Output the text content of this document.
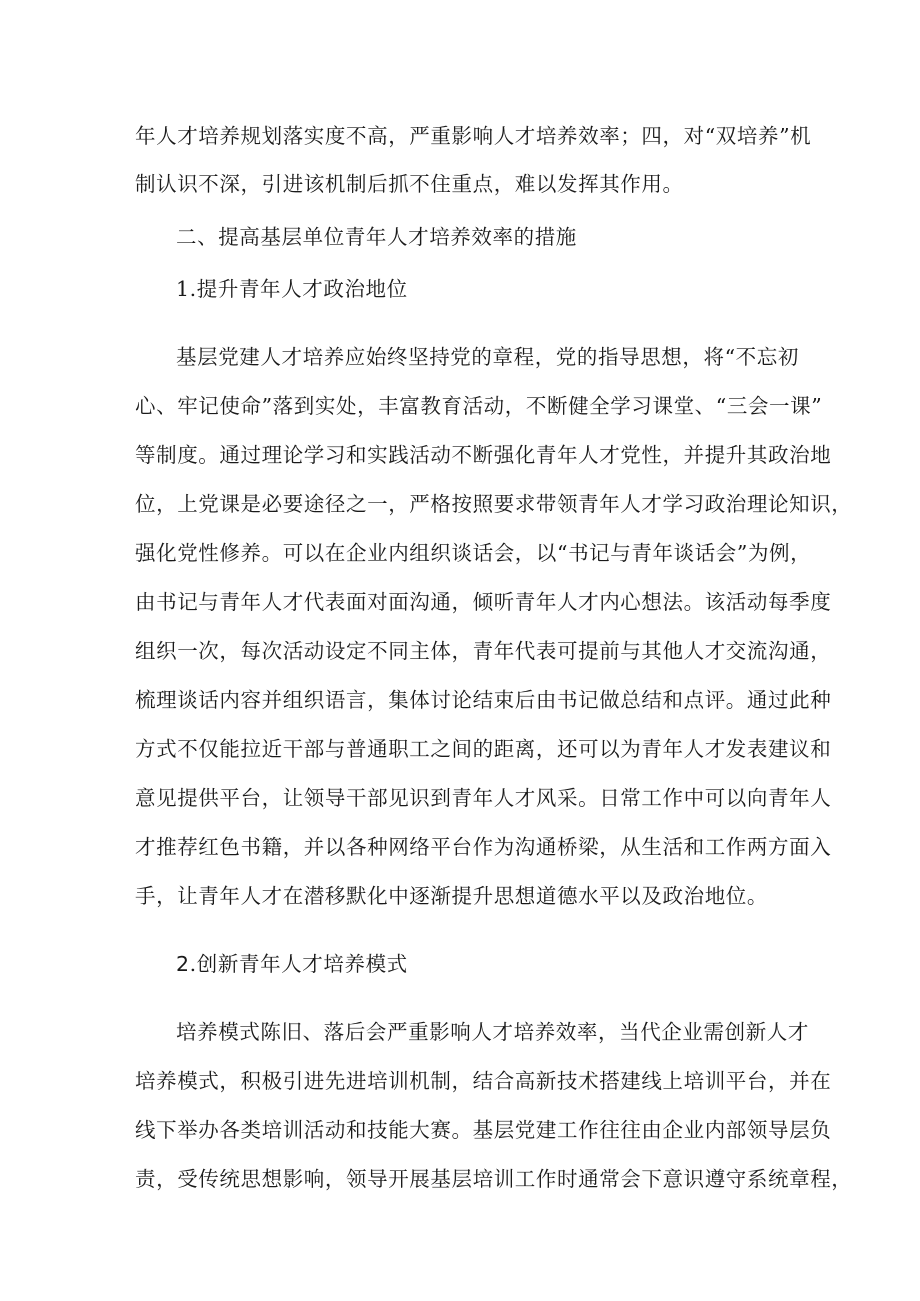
年人才培养规划落实度不高，严重影响人才培养效率；四，对“双培养”机
制认识不深，引进该机制后抓不住重点，难以发挥其作用。
二、提高基层单位青年人才培养效率的措施
1.提升青年人才政治地位
基层党建人才培养应始终坚持党的章程，党的指导思想，将“不忘初
心、牢记使命”落到实处，丰富教育活动，不断健全学习课堂、“三会一课”
等制度。通过理论学习和实践活动不断强化青年人才党性，并提升其政治地
位，上党课是必要途径之一，严格按照要求带领青年人才学习政治理论知识，
强化党性修养。可以在企业内组织谈话会，以“书记与青年谈话会”为例，
由书记与青年人才代表面对面沟通，倾听青年人才内心想法。该活动每季度
组织一次，每次活动设定不同主体，青年代表可提前与其他人才交流沟通，
梳理谈话内容并组织语言，集体讨论结束后由书记做总结和点评。通过此种
方式不仅能拉近干部与普通职工之间的距离，还可以为青年人才发表建议和
意见提供平台，让领导干部见识到青年人才风采。日常工作中可以向青年人
才推荐红色书籍，并以各种网络平台作为沟通桥梁，从生活和工作两方面入
手，让青年人才在潜移默化中逐渐提升思想道德水平以及政治地位。
2.创新青年人才培养模式
培养模式陈旧、落后会严重影响人才培养效率，当代企业需创新人才
培养模式，积极引进先进培训机制，结合高新技术搭建线上培训平台，并在
线下举办各类培训活动和技能大赛。基层党建工作往往由企业内部领导层负
责，受传统思想影响，领导开展基层培训工作时通常会下意识遵守系统章程，
